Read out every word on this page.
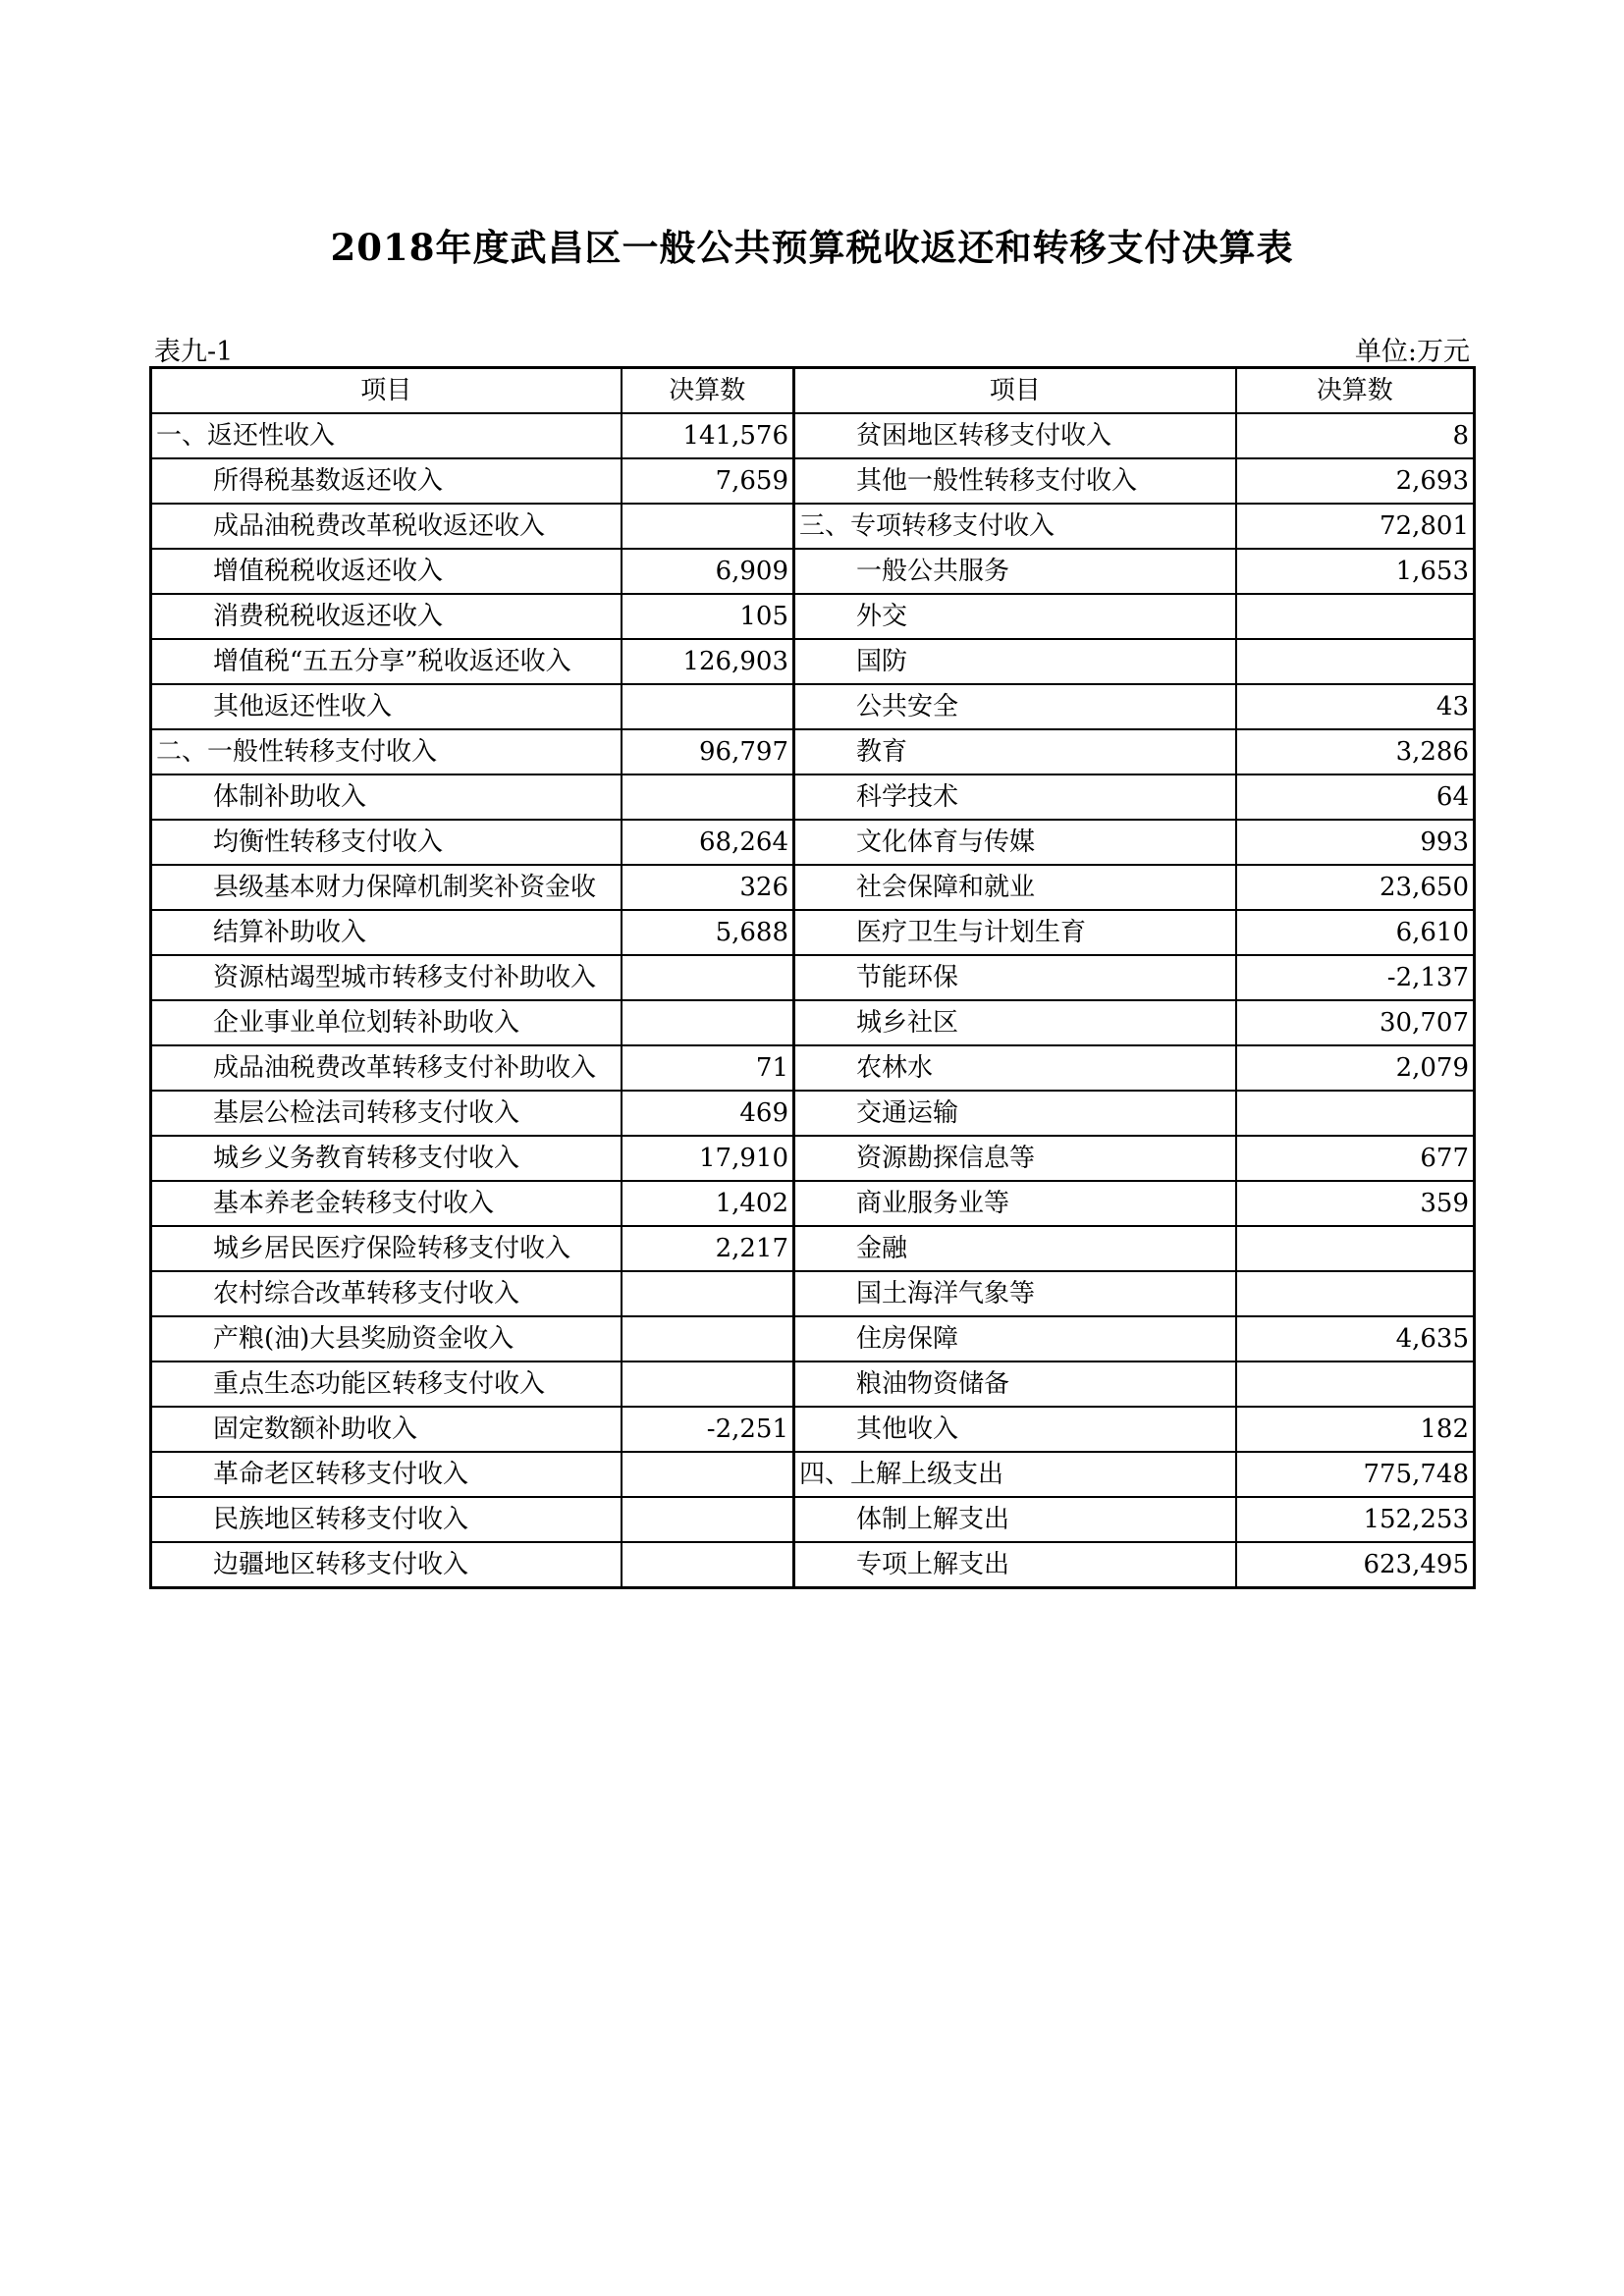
2018年度武昌区一般公共预算税收返还和转移支付决算表
表九-1	单位:万元
项目	决算数	项目	决算数
一、返还性收入	141,576	贫困地区转移支付收入	8
所得税基数返还收入	7,659	其他一般性转移支付收入	2,693
成品油税费改革税收返还收入		三、专项转移支付收入	72,801
增值税税收返还收入	6,909	一般公共服务	1,653
消费税税收返还收入	105	外交	
增值税“五五分享”税收返还收入	126,903	国防	
其他返还性收入		公共安全	43
二、一般性转移支付收入	96,797	教育	3,286
体制补助收入		科学技术	64
均衡性转移支付收入	68,264	文化体育与传媒	993
县级基本财力保障机制奖补资金收	326	社会保障和就业	23,650
结算补助收入	5,688	医疗卫生与计划生育	6,610
资源枯竭型城市转移支付补助收入		节能环保	-2,137
企业事业单位划转补助收入		城乡社区	30,707
成品油税费改革转移支付补助收入	71	农林水	2,079
基层公检法司转移支付收入	469	交通运输	
城乡义务教育转移支付收入	17,910	资源勘探信息等	677
基本养老金转移支付收入	1,402	商业服务业等	359
城乡居民医疗保险转移支付收入	2,217	金融	
农村综合改革转移支付收入		国土海洋气象等	
产粮(油)大县奖励资金收入		住房保障	4,635
重点生态功能区转移支付收入		粮油物资储备	
固定数额补助收入	-2,251	其他收入	182
革命老区转移支付收入		四、上解上级支出	775,748
民族地区转移支付收入		体制上解支出	152,253
边疆地区转移支付收入		专项上解支出	623,495
